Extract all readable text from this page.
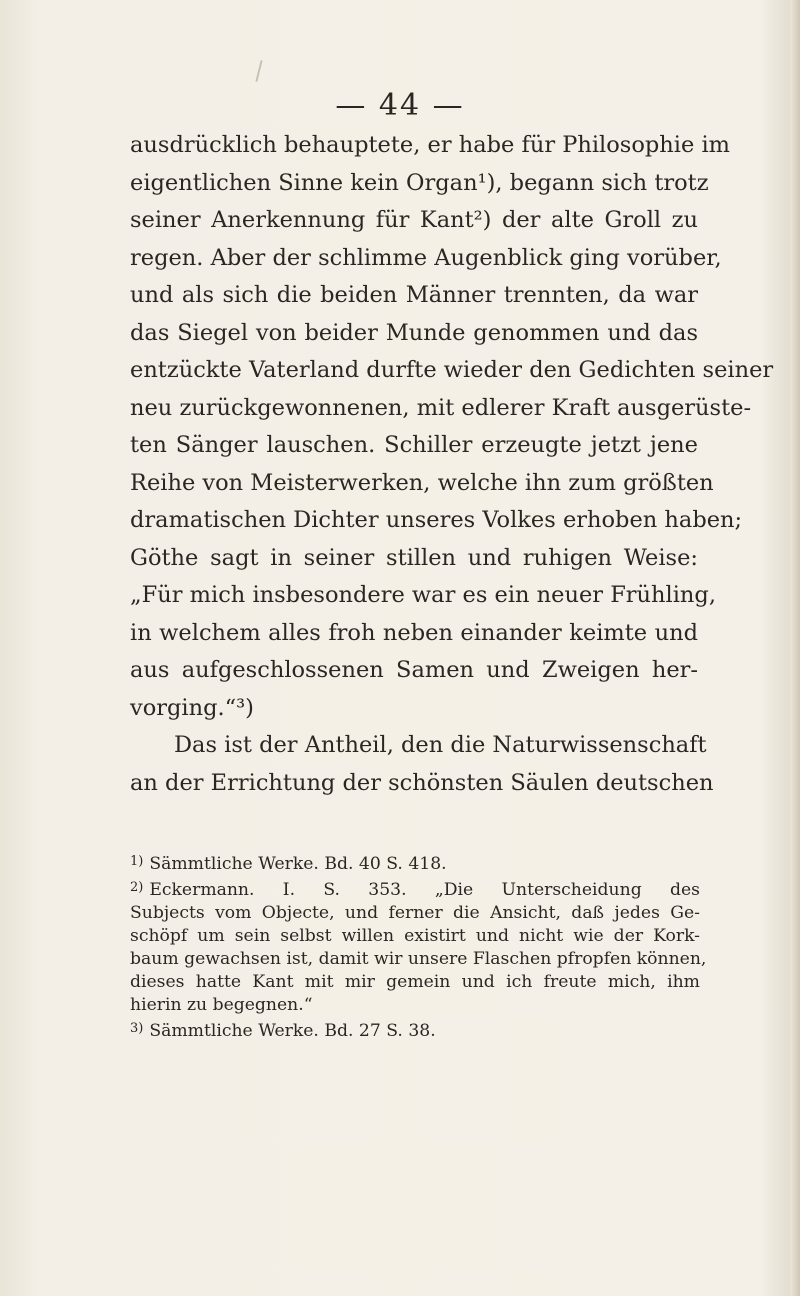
— 44 —
ausdrücklich behauptete, er habe für Philosophie im
eigentlichen Sinne kein Organ¹), begann sich trotz
seiner Anerkennung für Kant²) der alte Groll zu
regen. Aber der schlimme Augenblick ging vorüber,
und als sich die beiden Männer trennten, da war
das Siegel von beider Munde genommen und das
entzückte Vaterland durfte wieder den Gedichten seiner
neu zurückgewonnenen, mit edlerer Kraft ausgerüste-
ten Sänger lauschen. Schiller erzeugte jetzt jene
Reihe von Meisterwerken, welche ihn zum größten
dramatischen Dichter unseres Volkes erhoben haben;
Göthe sagt in seiner stillen und ruhigen Weise:
„Für mich insbesondere war es ein neuer Frühling,
in welchem alles froh neben einander keimte und
aus aufgeschlossenen Samen und Zweigen her-
vorging.“³)
Das ist der Antheil, den die Naturwissenschaft
an der Errichtung der schönsten Säulen deutschen
$^{1)}$ Sämmtliche Werke. Bd. 40 S. 418.
$^{2)}$ Eckermann. I. S. 353. „Die Unterscheidung des
Subjects vom Objecte, und ferner die Ansicht, daß jedes Ge-
schöpf um sein selbst willen existirt und nicht wie der Kork-
baum gewachsen ist, damit wir unsere Flaschen pfropfen können,
dieses hatte Kant mit mir gemein und ich freute mich, ihm
hierin zu begegnen.“
$^{3)}$ Sämmtliche Werke. Bd. 27 S. 38.
